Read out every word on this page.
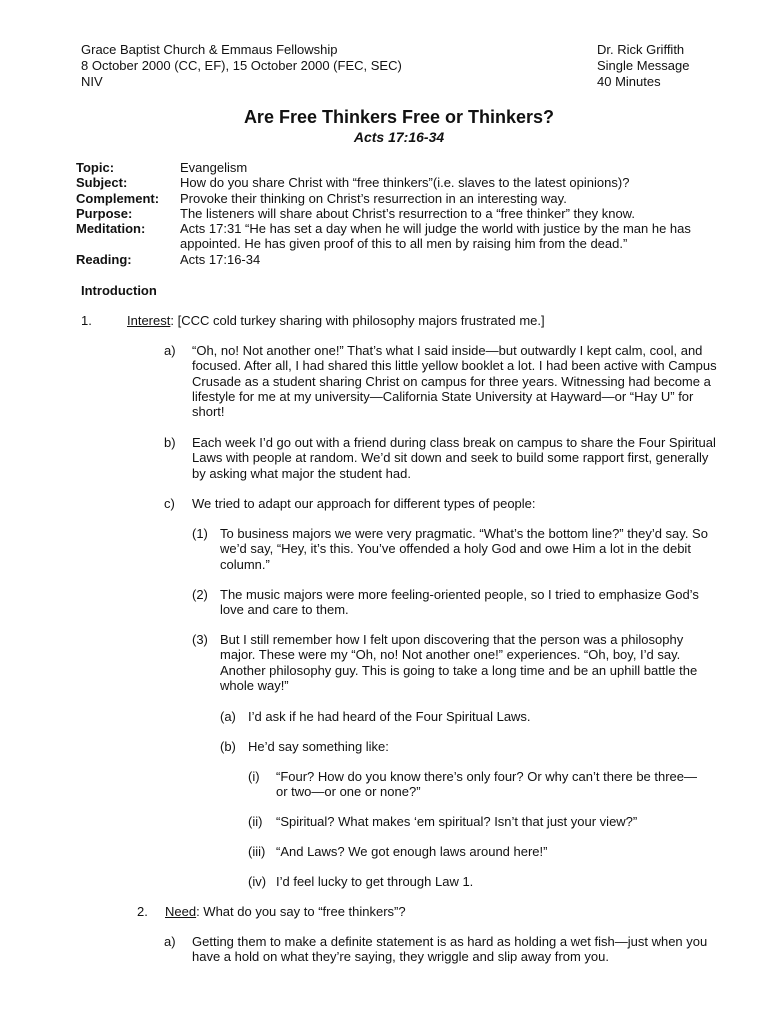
Grace Baptist Church & Emmaus Fellowship
8 October 2000 (CC, EF), 15 October 2000 (FEC, SEC)
NIV
Dr. Rick Griffith
Single Message
40 Minutes
Are Free Thinkers Free or Thinkers?
Acts 17:16-34
Topic:	Evangelism
Subject:	How do you share Christ with “free thinkers”(i.e. slaves to the latest opinions)?
Complement:	Provoke their thinking on Christ’s resurrection in an interesting way.
Purpose:	The listeners will share about Christ’s resurrection to a “free thinker” they know.
Meditation:	Acts 17:31 “He has set a day when he will judge the world with justice by the man he has appointed. He has given proof of this to all men by raising him from the dead.”
Reading:	Acts 17:16-34
Introduction
1.	Interest: [CCC cold turkey sharing with philosophy majors frustrated me.]
a)	“Oh, no! Not another one!” That’s what I said inside—but outwardly I kept calm, cool, and focused. After all, I had shared this little yellow booklet a lot. I had been active with Campus Crusade as a student sharing Christ on campus for three years. Witnessing had become a lifestyle for me at my university—California State University at Hayward—or “Hay U” for short!
b)	Each week I’d go out with a friend during class break on campus to share the Four Spiritual Laws with people at random. We’d sit down and seek to build some rapport first, generally by asking what major the student had.
c)	We tried to adapt our approach for different types of people:
(1) To business majors we were very pragmatic. “What’s the bottom line?” they’d say. So we’d say, “Hey, it’s this. You’ve offended a holy God and owe Him a lot in the debit column.”
(2) The music majors were more feeling-oriented people, so I tried to emphasize God’s love and care to them.
(3) But I still remember how I felt upon discovering that the person was a philosophy major. These were my “Oh, no! Not another one!” experiences. “Oh, boy, I’d say. Another philosophy guy. This is going to take a long time and be an uphill battle the whole way!”
(a) I’d ask if he had heard of the Four Spiritual Laws.
(b) He’d say something like:
(i)	“Four? How do you know there’s only four? Or why can’t there be three—or two—or one or none?”
(ii)	“Spiritual? What makes ‘em spiritual? Isn’t that just your view?”
(iii) “And Laws? We got enough laws around here!”
(iv) I’d feel lucky to get through Law 1.
2.	Need: What do you say to “free thinkers”?
a)	Getting them to make a definite statement is as hard as holding a wet fish—just when you have a hold on what they’re saying, they wriggle and slip away from you.
